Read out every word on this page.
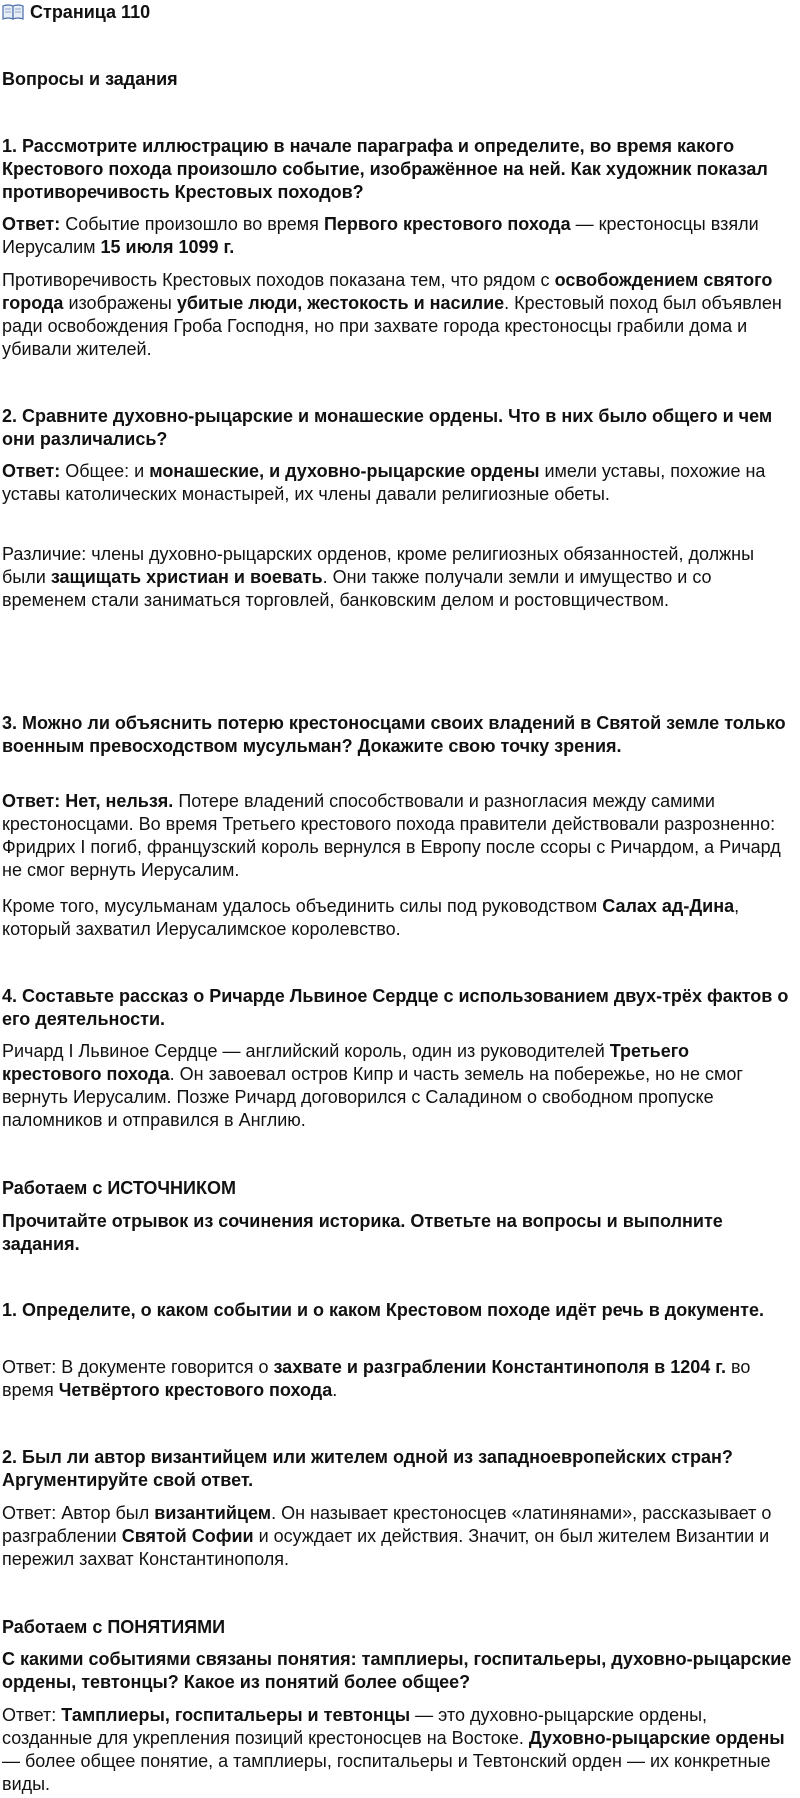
Страница 110
Вопросы и задания
1. Рассмотрите иллюстрацию в начале параграфа и определите, во время какого Крестового похода произошло событие, изображённое на ней. Как художник показал противоречивость Крестовых походов?
Ответ: Событие произошло во время Первого крестового похода — крестоносцы взяли Иерусалим 15 июля 1099 г.
Противоречивость Крестовых походов показана тем, что рядом с освобождением святого города изображены убитые люди, жестокость и насилие. Крестовый поход был объявлен ради освобождения Гроба Господня, но при захвате города крестоносцы грабили дома и убивали жителей.
2. Сравните духовно-рыцарские и монашеские ордены. Что в них было общего и чем они различались?
Ответ: Общее: и монашеские, и духовно-рыцарские ордены имели уставы, похожие на уставы католических монастырей, их члены давали религиозные обеты.
Различие: члены духовно-рыцарских орденов, кроме религиозных обязанностей, должны были защищать христиан и воевать. Они также получали земли и имущество и со временем стали заниматься торговлей, банковским делом и ростовщичеством.
3. Можно ли объяснить потерю крестоносцами своих владений в Святой земле только военным превосходством мусульман? Докажите свою точку зрения.
Ответ: Нет, нельзя. Потере владений способствовали и разногласия между самими крестоносцами. Во время Третьего крестового похода правители действовали разрозненно: Фридрих I погиб, французский король вернулся в Европу после ссоры с Ричардом, а Ричард не смог вернуть Иерусалим.
Кроме того, мусульманам удалось объединить силы под руководством Салах ад-Дина, который захватил Иерусалимское королевство.
4. Составьте рассказ о Ричарде Львиное Сердце с использованием двух-трёх фактов о его деятельности.
Ричард I Львиное Сердце — английский король, один из руководителей Третьего крестового похода. Он завоевал остров Кипр и часть земель на побережье, но не смог вернуть Иерусалим. Позже Ричард договорился с Саладином о свободном пропуске паломников и отправился в Англию.
Работаем с ИСТОЧНИКОМ
Прочитайте отрывок из сочинения историка. Ответьте на вопросы и выполните задания.
1. Определите, о каком событии и о каком Крестовом походе идёт речь в документе.
Ответ: В документе говорится о захвате и разграблении Константинополя в 1204 г. во время Четвёртого крестового похода.
2. Был ли автор византийцем или жителем одной из западноевропейских стран? Аргументируйте свой ответ.
Ответ: Автор был византийцем. Он называет крестоносцев «латинянами», рассказывает о разграблении Святой Софии и осуждает их действия. Значит, он был жителем Византии и пережил захват Константинополя.
Работаем с ПОНЯТИЯМИ
С какими событиями связаны понятия: тамплиеры, госпитальеры, духовно-рыцарские ордены, тевтонцы? Какое из понятий более общее?
Ответ: Тамплиеры, госпитальеры и тевтонцы — это духовно-рыцарские ордены, созданные для укрепления позиций крестоносцев на Востоке. Духовно-рыцарские ордены — более общее понятие, а тамплиеры, госпитальеры и Тевтонский орден — их конкретные виды.
